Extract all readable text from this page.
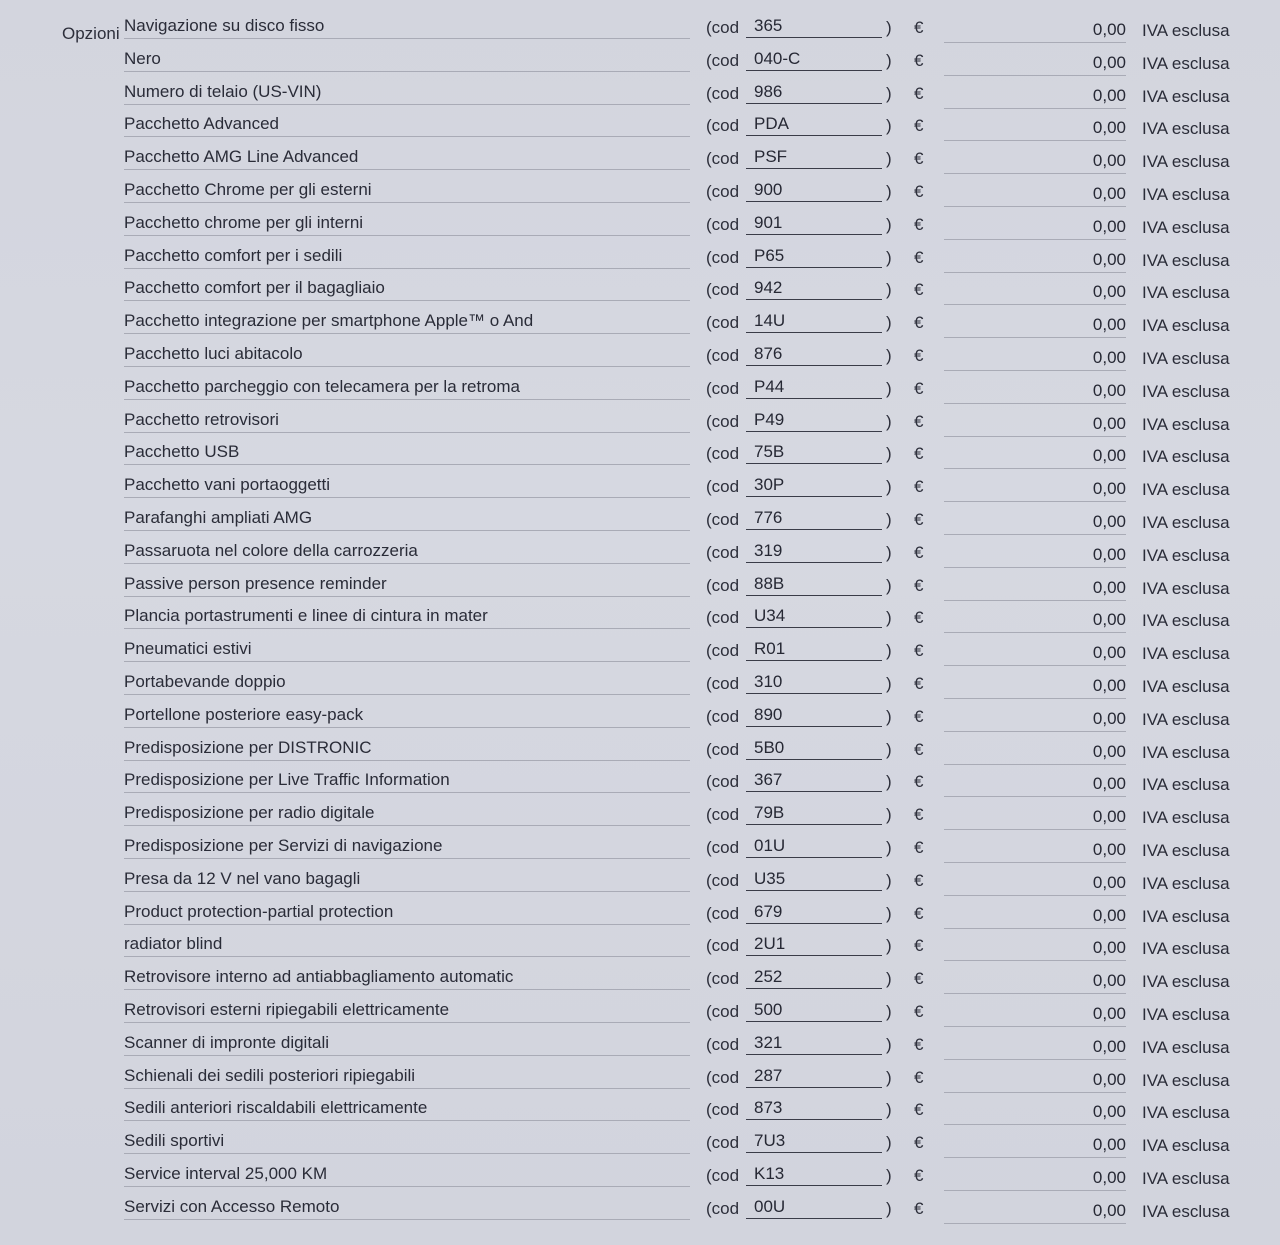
Opzioni Navigazione su disco fisso	(cod 365	) €	0,00 IVA esclusa
Nero	(cod 040-C	) €	0,00 IVA esclusa
Numero di telaio (US-VIN)	(cod 986	) €	0,00 IVA esclusa
Pacchetto Advanced	(cod PDA	) €	0,00 IVA esclusa
Pacchetto AMG Line Advanced	(cod PSF	) €	0,00 IVA esclusa
Pacchetto Chrome per gli esterni	(cod 900	) €	0,00 IVA esclusa
Pacchetto chrome per gli interni	(cod 901	) €	0,00 IVA esclusa
Pacchetto comfort per i sedili	(cod P65	) €	0,00 IVA esclusa
Pacchetto comfort per il bagagliaio	(cod 942	) €	0,00 IVA esclusa
Pacchetto integrazione per smartphone Apple™ o And	(cod 14U	) €	0,00 IVA esclusa
Pacchetto luci abitacolo	(cod 876	) €	0,00 IVA esclusa
Pacchetto parcheggio con telecamera per la retroma	(cod P44	) €	0,00 IVA esclusa
Pacchetto retrovisori	(cod P49	) €	0,00 IVA esclusa
Pacchetto USB	(cod 75B	) €	0,00 IVA esclusa
Pacchetto vani portaoggetti	(cod 30P	) €	0,00 IVA esclusa
Parafanghi ampliati AMG	(cod 776	) €	0,00 IVA esclusa
Passaruota nel colore della carrozzeria	(cod 319	) €	0,00 IVA esclusa
Passive person presence reminder	(cod 88B	) €	0,00 IVA esclusa
Plancia portastrumenti e linee di cintura in mater	(cod U34	) €	0,00 IVA esclusa
Pneumatici estivi	(cod R01	) €	0,00 IVA esclusa
Portabevande doppio	(cod 310	) €	0,00 IVA esclusa
Portellone posteriore easy-pack	(cod 890	) €	0,00 IVA esclusa
Predisposizione per DISTRONIC	(cod 5B0	) €	0,00 IVA esclusa
Predisposizione per Live Traffic Information	(cod 367	) €	0,00 IVA esclusa
Predisposizione per radio digitale	(cod 79B	) €	0,00 IVA esclusa
Predisposizione per Servizi di navigazione	(cod 01U	) €	0,00 IVA esclusa
Presa da 12 V nel vano bagagli	(cod U35	) €	0,00 IVA esclusa
Product protection-partial protection	(cod 679	) €	0,00 IVA esclusa
radiator blind	(cod 2U1	) €	0,00 IVA esclusa
Retrovisore interno ad antiabbagliamento automatic	(cod 252	) €	0,00 IVA esclusa
Retrovisori esterni ripiegabili elettricamente	(cod 500	) €	0,00 IVA esclusa
Scanner di impronte digitali	(cod 321	) €	0,00 IVA esclusa
Schienali dei sedili posteriori ripiegabili	(cod 287	) €	0,00 IVA esclusa
Sedili anteriori riscaldabili elettricamente	(cod 873	) €	0,00 IVA esclusa
Sedili sportivi	(cod 7U3	) €	0,00 IVA esclusa
Service interval 25,000 KM	(cod K13	) €	0,00 IVA esclusa
Servizi con Accesso Remoto	(cod 00U	) €	0,00 IVA esclusa
